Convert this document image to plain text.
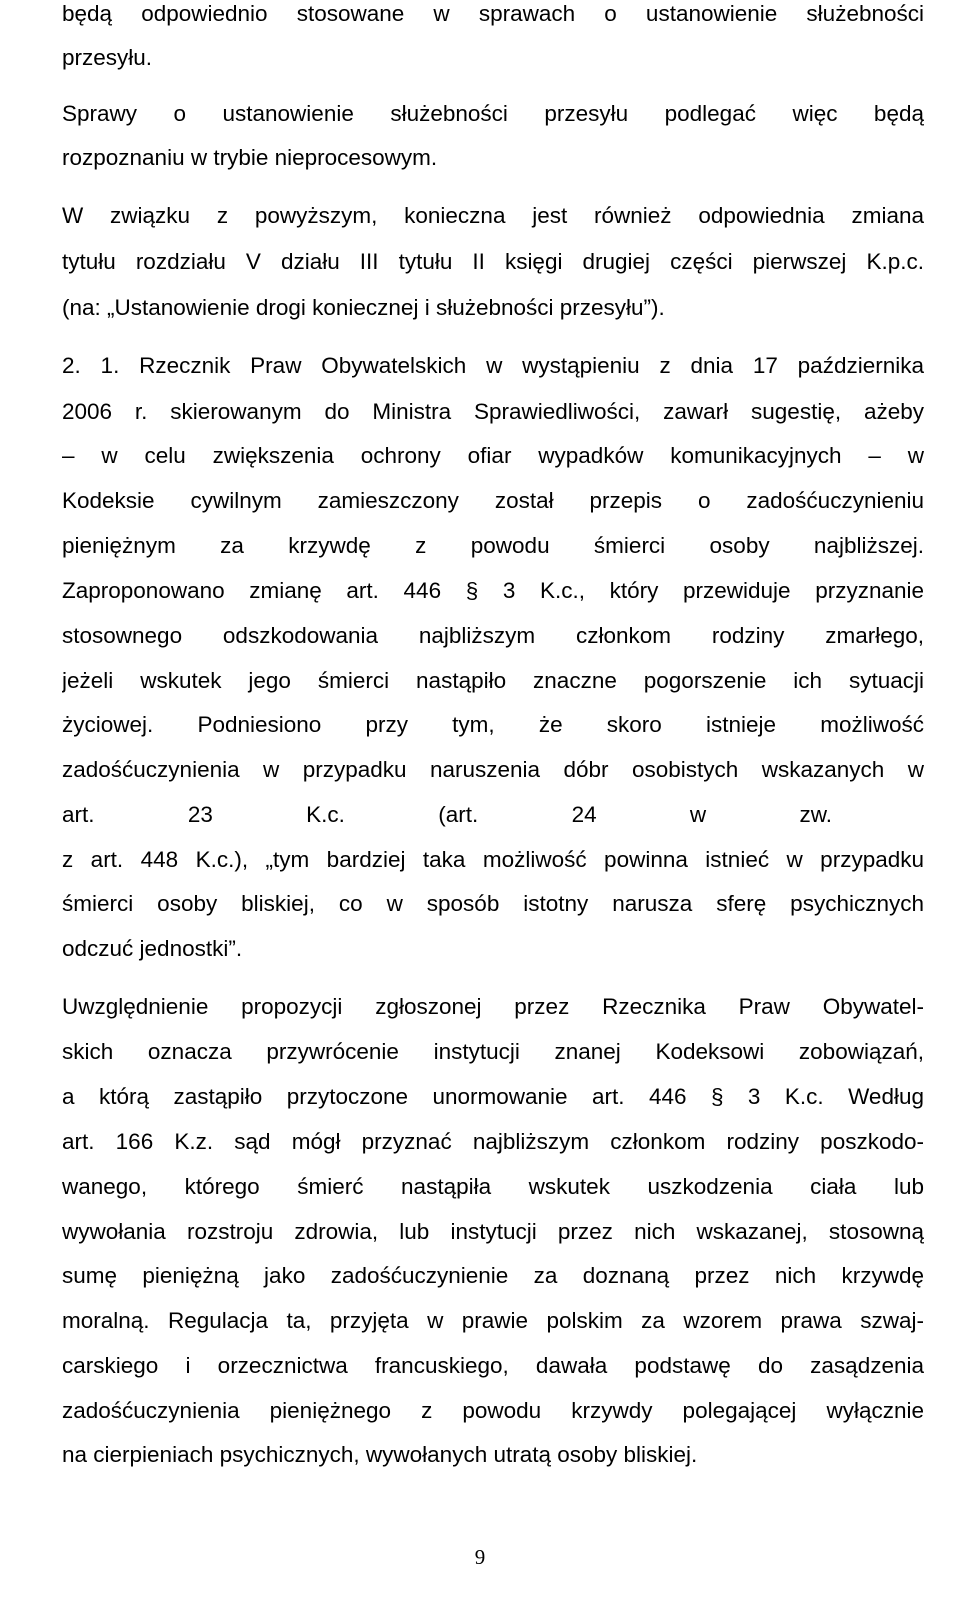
będą odpowiednio stosowane w sprawach o ustanowienie służebności
przesyłu.
Sprawy o ustanowienie służebności przesyłu podlegać więc będą
rozpoznaniu w trybie nieprocesowym.
W związku z powyższym, konieczna jest również odpowiednia zmiana
tytułu rozdziału V działu III tytułu II księgi drugiej części pierwszej K.p.c.
(na: „Ustanowienie drogi koniecznej i służebności przesyłu”).
2. 1. Rzecznik Praw Obywatelskich w wystąpieniu z dnia 17 października
2006 r. skierowanym do Ministra Sprawiedliwości, zawarł sugestię, ażeby
– w celu zwiększenia ochrony ofiar wypadków komunikacyjnych – w
Kodeksie cywilnym zamieszczony został przepis o zadośćuczynieniu
pieniężnym za krzywdę z powodu śmierci osoby najbliższej.
Zaproponowano zmianę art. 446 § 3 K.c., który przewiduje przyznanie
stosownego odszkodowania najbliższym członkom rodziny zmarłego,
jeżeli wskutek jego śmierci nastąpiło znaczne pogorszenie ich sytuacji
życiowej. Podniesiono przy tym, że skoro istnieje możliwość
zadośćuczynienia w przypadku naruszenia dóbr osobistych wskazanych w
art. 23 K.c. (art. 24 w zw.
z art. 448 K.c.), „tym bardziej taka możliwość powinna istnieć w przypadku
śmierci osoby bliskiej, co w sposób istotny narusza sferę psychicznych
odczuć jednostki”.
Uwzględnienie propozycji zgłoszonej przez Rzecznika Praw Obywatel-
skich oznacza przywrócenie instytucji znanej Kodeksowi zobowiązań,
a którą zastąpiło przytoczone unormowanie art. 446 § 3 K.c. Według
art. 166 K.z. sąd mógł przyznać najbliższym członkom rodziny poszkodo-
wanego, którego śmierć nastąpiła wskutek uszkodzenia ciała lub
wywołania rozstroju zdrowia, lub instytucji przez nich wskazanej, stosowną
sumę pieniężną jako zadośćuczynienie za doznaną przez nich krzywdę
moralną. Regulacja ta, przyjęta w prawie polskim za wzorem prawa szwaj-
carskiego i orzecznictwa francuskiego, dawała podstawę do zasądzenia
zadośćuczynienia pieniężnego z powodu krzywdy polegającej wyłącznie
na cierpieniach psychicznych, wywołanych utratą osoby bliskiej.
9
